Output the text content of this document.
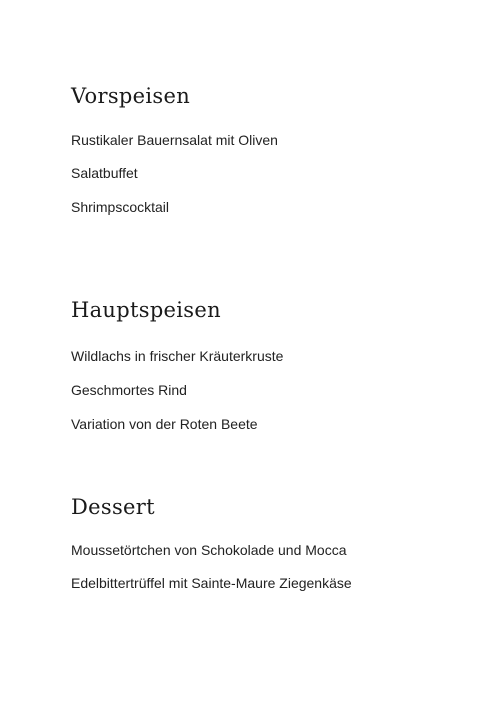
Vorspeisen
Rustikaler Bauernsalat mit Oliven
Salatbuffet
Shrimpscocktail
Hauptspeisen
Wildlachs in frischer Kräuterkruste
Geschmortes Rind
Variation von der Roten Beete
Dessert
Moussetörtchen von Schokolade und Mocca
Edelbittertrüffel mit Sainte-Maure Ziegenkäse
